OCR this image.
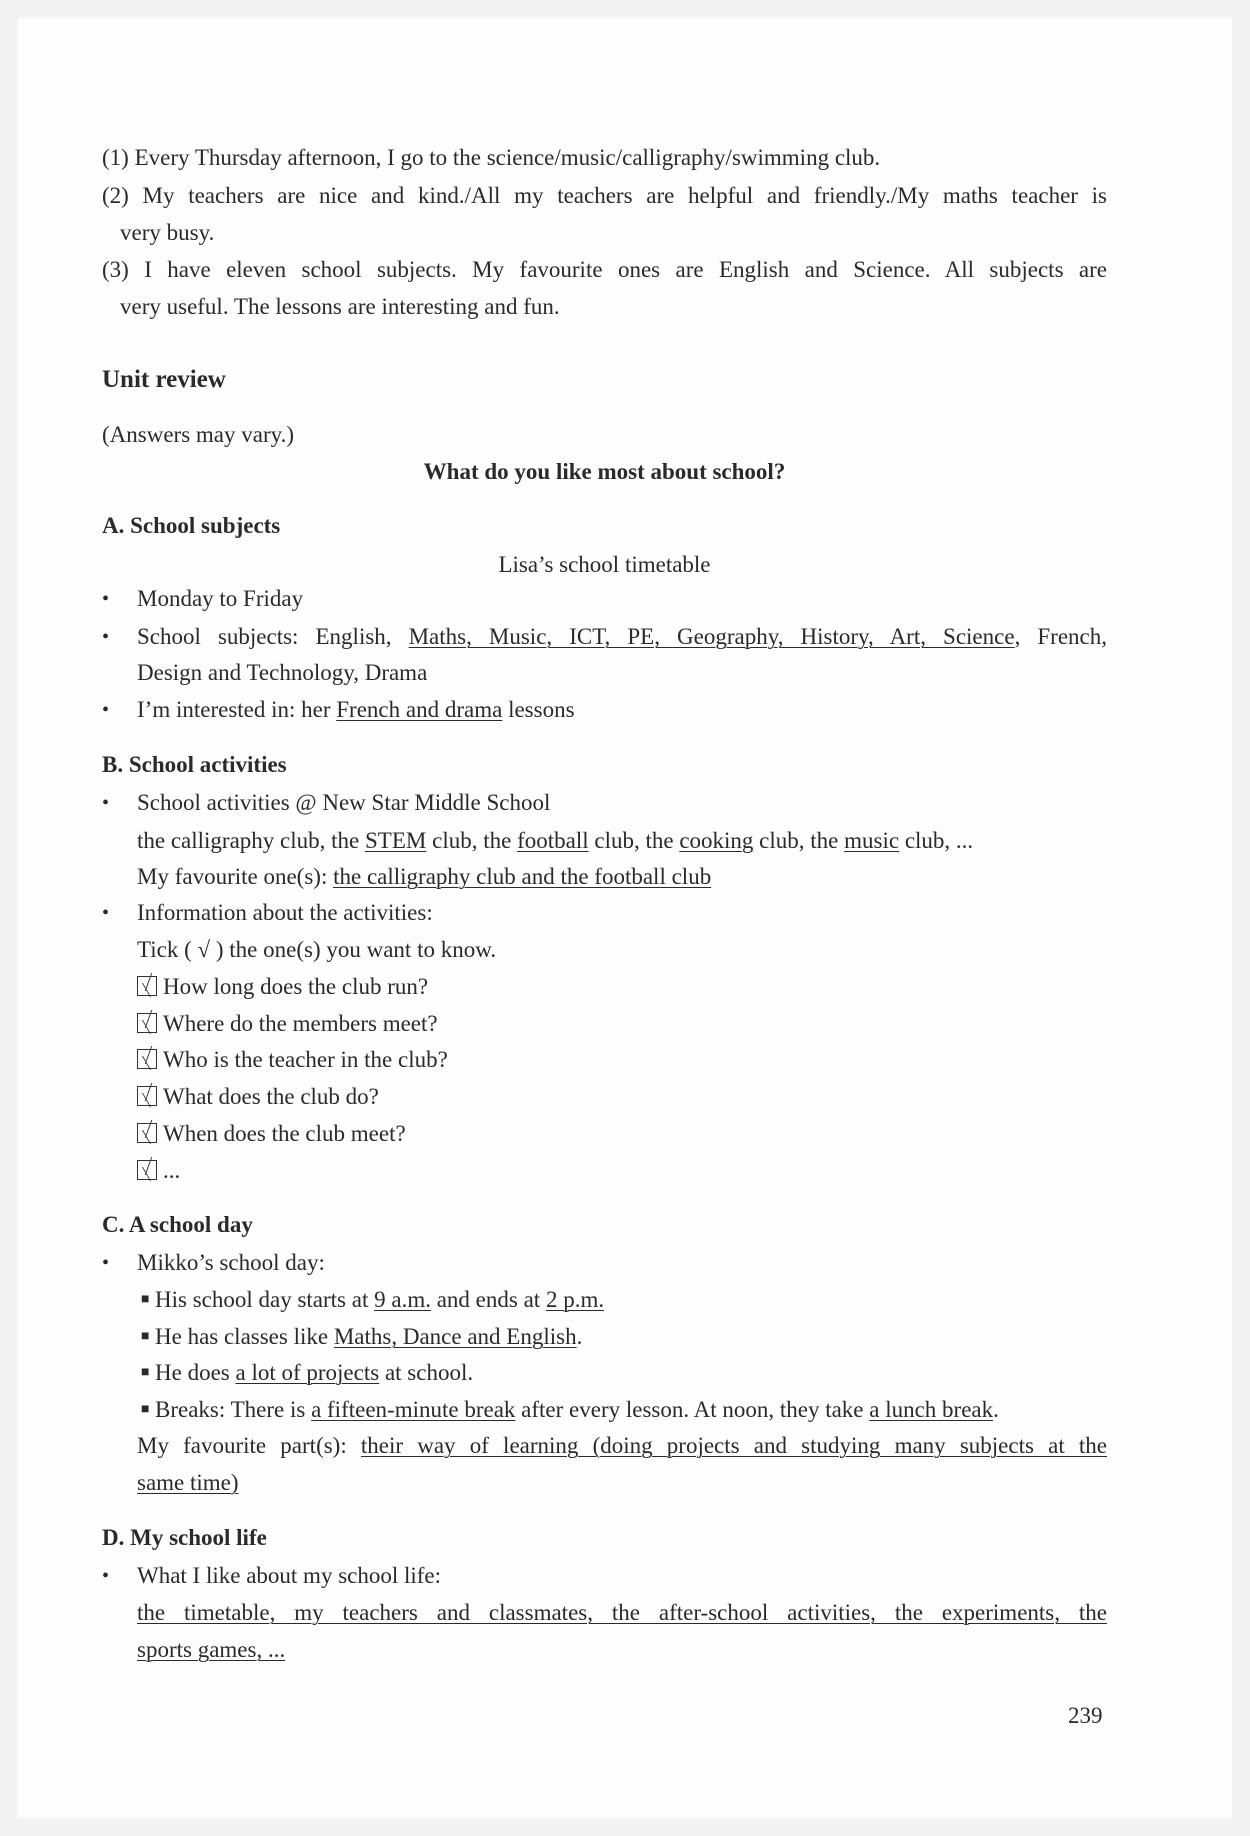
(1) Every Thursday afternoon, I go to the science/music/calligraphy/swimming club.
(2) My teachers are nice and kind./All my teachers are helpful and friendly./My maths teacher is
very busy.
(3) I have eleven school subjects. My favourite ones are English and Science. All subjects are
very useful. The lessons are interesting and fun.
Unit review
(Answers may vary.)
What do you like most about school?
A. School subjects
Lisa’s school timetable
• Monday to Friday
• School subjects: English, Maths, Music, ICT, PE, Geography, History, Art, Science, French,
Design and Technology, Drama
• I’m interested in: her French and drama lessons
B. School activities
• School activities @ New Star Middle School
the calligraphy club, the STEM club, the football club, the cooking club, the music club, ...
My favourite one(s): the calligraphy club and the football club
• Information about the activities:
Tick ( √ ) the one(s) you want to know.
How long does the club run?
Where do the members meet?
Who is the teacher in the club?
What does the club do?
When does the club meet?
...
C. A school day
• Mikko’s school day:
■ His school day starts at 9 a.m. and ends at 2 p.m.
■ He has classes like Maths, Dance and English.
■ He does a lot of projects at school.
■ Breaks: There is a fifteen-minute break after every lesson. At noon, they take a lunch break.
My favourite part(s): their way of learning (doing projects and studying many subjects at the
same time)
D. My school life
• What I like about my school life:
the timetable, my teachers and classmates, the after-school activities, the experiments, the
sports games, ...
239
